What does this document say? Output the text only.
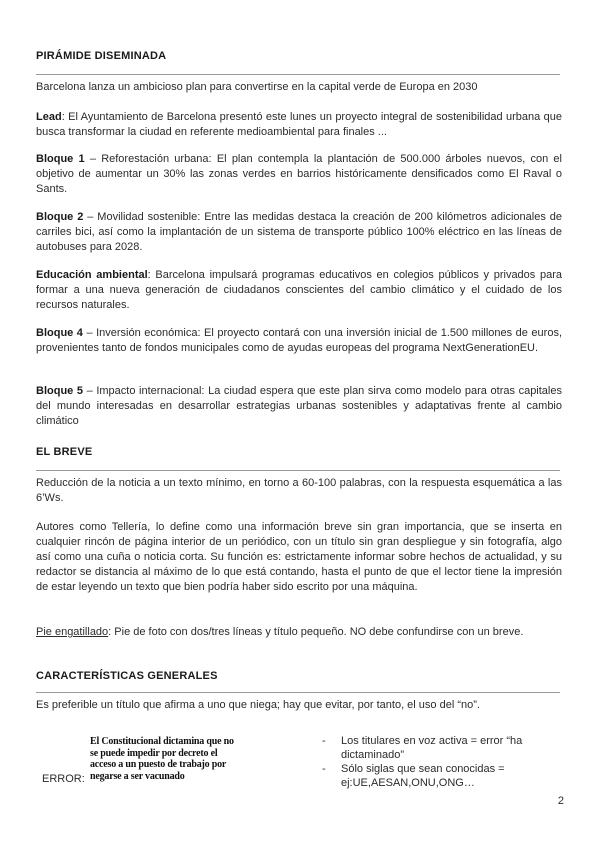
PIRÁMIDE DISEMINADA
Barcelona lanza un ambicioso plan para convertirse en la capital verde de Europa en 2030
Lead: El Ayuntamiento de Barcelona presentó este lunes un proyecto integral de sostenibilidad urbana que busca transformar la ciudad en referente medioambiental para finales ...
Bloque 1 – Reforestación urbana: El plan contempla la plantación de 500.000 árboles nuevos, con el objetivo de aumentar un 30% las zonas verdes en barrios históricamente densificados como El Raval o Sants.
Bloque 2 – Movilidad sostenible: Entre las medidas destaca la creación de 200 kilómetros adicionales de carriles bici, así como la implantación de un sistema de transporte público 100% eléctrico en las líneas de autobuses para 2028.
Educación ambiental: Barcelona impulsará programas educativos en colegios públicos y privados para formar a una nueva generación de ciudadanos conscientes del cambio climático y el cuidado de los recursos naturales.
Bloque 4 – Inversión económica: El proyecto contará con una inversión inicial de 1.500 millones de euros, provenientes tanto de fondos municipales como de ayudas europeas del programa NextGenerationEU.
Bloque 5 – Impacto internacional: La ciudad espera que este plan sirva como modelo para otras capitales del mundo interesadas en desarrollar estrategias urbanas sostenibles y adaptativas frente al cambio climático
EL BREVE
Reducción de la noticia a un texto mínimo, en torno a 60-100 palabras, con la respuesta esquemática a las 6’Ws.
Autores como Tellería, lo define como una información breve sin gran importancia, que se inserta en cualquier rincón de página interior de un periódico, con un título sin gran despliegue y sin fotografía, algo así como una cuña o noticia corta. Su función es: estrictamente informar sobre hechos de actualidad, y su redactor se distancia al máximo de lo que está contando, hasta el punto de que el lector tiene la impresión de estar leyendo un texto que bien podría haber sido escrito por una máquina.
Pie engatillado: Pie de foto con dos/tres líneas y título pequeño. NO debe confundirse con un breve.
CARACTERÍSTICAS GENERALES
Es preferible un título que afirma a uno que niega; hay que evitar, por tanto, el uso del “no”.
El Constitucional dictamina que no se puede impedir por decreto el acceso a un puesto de trabajo por negarse a ser vacunado
ERROR:
- Los titulares en voz activa = error “ha dictaminado”
- Sólo siglas que sean conocidas = ej:UE,AESAN,ONU,ONG…
2
